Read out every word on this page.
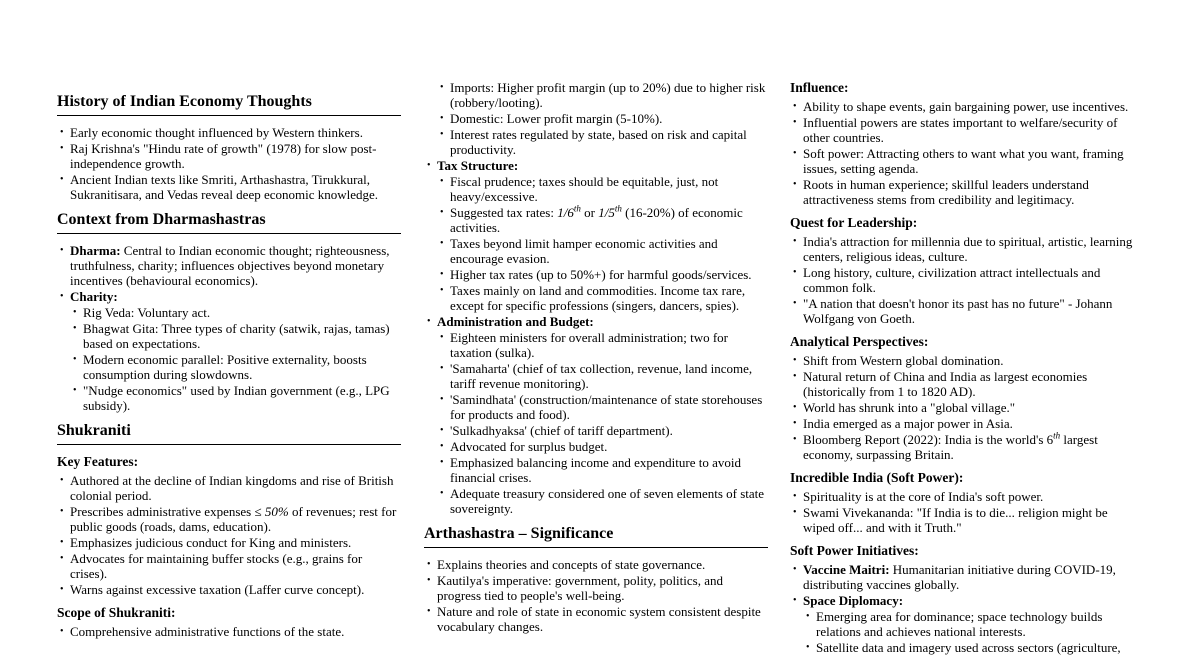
History of Indian Economy Thoughts
• Early economic thought influenced by Western thinkers.
• Raj Krishna's "Hindu rate of growth" (1978) for slow post-independence growth.
• Ancient Indian texts like Smriti, Arthashastra, Tirukkural, Sukranitisara, and Vedas reveal deep economic knowledge.
Context from Dharmashastras
• Dharma: Central to Indian economic thought; righteousness, truthfulness, charity; influences objectives beyond monetary incentives (behavioural economics).
• Charity:
• Rig Veda: Voluntary act.
• Bhagwat Gita: Three types of charity (satwik, rajas, tamas) based on expectations.
• Modern economic parallel: Positive externality, boosts consumption during slowdowns.
• "Nudge economics" used by Indian government (e.g., LPG subsidy).
Shukraniti
Key Features:
• Authored at the decline of Indian kingdoms and rise of British colonial period.
• Prescribes administrative expenses ≤ 50% of revenues; rest for public goods (roads, dams, education).
• Emphasizes judicious conduct for King and ministers.
• Advocates for maintaining buffer stocks (e.g., grains for crises).
• Warns against excessive taxation (Laffer curve concept).
Scope of Shukraniti:
• Comprehensive administrative functions of the state.
• Imports: Higher profit margin (up to 20%) due to higher risk (robbery/looting).
• Domestic: Lower profit margin (5-10%).
• Interest rates regulated by state, based on risk and capital productivity.
• Tax Structure:
• Fiscal prudence; taxes should be equitable, just, not heavy/excessive.
• Suggested tax rates: 1/6th or 1/5th (16-20%) of economic activities.
• Taxes beyond limit hamper economic activities and encourage evasion.
• Higher tax rates (up to 50%+) for harmful goods/services.
• Taxes mainly on land and commodities. Income tax rare, except for specific professions (singers, dancers, spies).
• Administration and Budget:
• Eighteen ministers for overall administration; two for taxation (sulka).
• 'Samaharta' (chief of tax collection, revenue, land income, tariff revenue monitoring).
• 'Samindhata' (construction/maintenance of state storehouses for products and food).
• 'Sulkadhyaksa' (chief of tariff department).
• Advocated for surplus budget.
• Emphasized balancing income and expenditure to avoid financial crises.
• Adequate treasury considered one of seven elements of state sovereignty.
Arthashastra – Significance
• Explains theories and concepts of state governance.
• Kautilya's imperative: government, polity, politics, and progress tied to people's well-being.
• Nature and role of state in economic system consistent despite vocabulary changes.
Influence:
• Ability to shape events, gain bargaining power, use incentives.
• Influential powers are states important to welfare/security of other countries.
• Soft power: Attracting others to want what you want, framing issues, setting agenda.
• Roots in human experience; skillful leaders understand attractiveness stems from credibility and legitimacy.
Quest for Leadership:
• India's attraction for millennia due to spiritual, artistic, learning centers, religious ideas, culture.
• Long history, culture, civilization attract intellectuals and common folk.
• "A nation that doesn't honor its past has no future" - Johann Wolfgang von Goeth.
Analytical Perspectives:
• Shift from Western global domination.
• Natural return of China and India as largest economies (historically from 1 to 1820 AD).
• World has shrunk into a "global village."
• India emerged as a major power in Asia.
• Bloomberg Report (2022): India is the world's 6th largest economy, surpassing Britain.
Incredible India (Soft Power):
• Spirituality is at the core of India's soft power.
• Swami Vivekananda: "If India is to die... religion might be wiped off... and with it Truth."
Soft Power Initiatives:
• Vaccine Maitri: Humanitarian initiative during COVID-19, distributing vaccines globally.
• Space Diplomacy:
• Emerging area for dominance; space technology builds relations and achieves national interests.
• Satellite data and imagery used across sectors (agriculture,
